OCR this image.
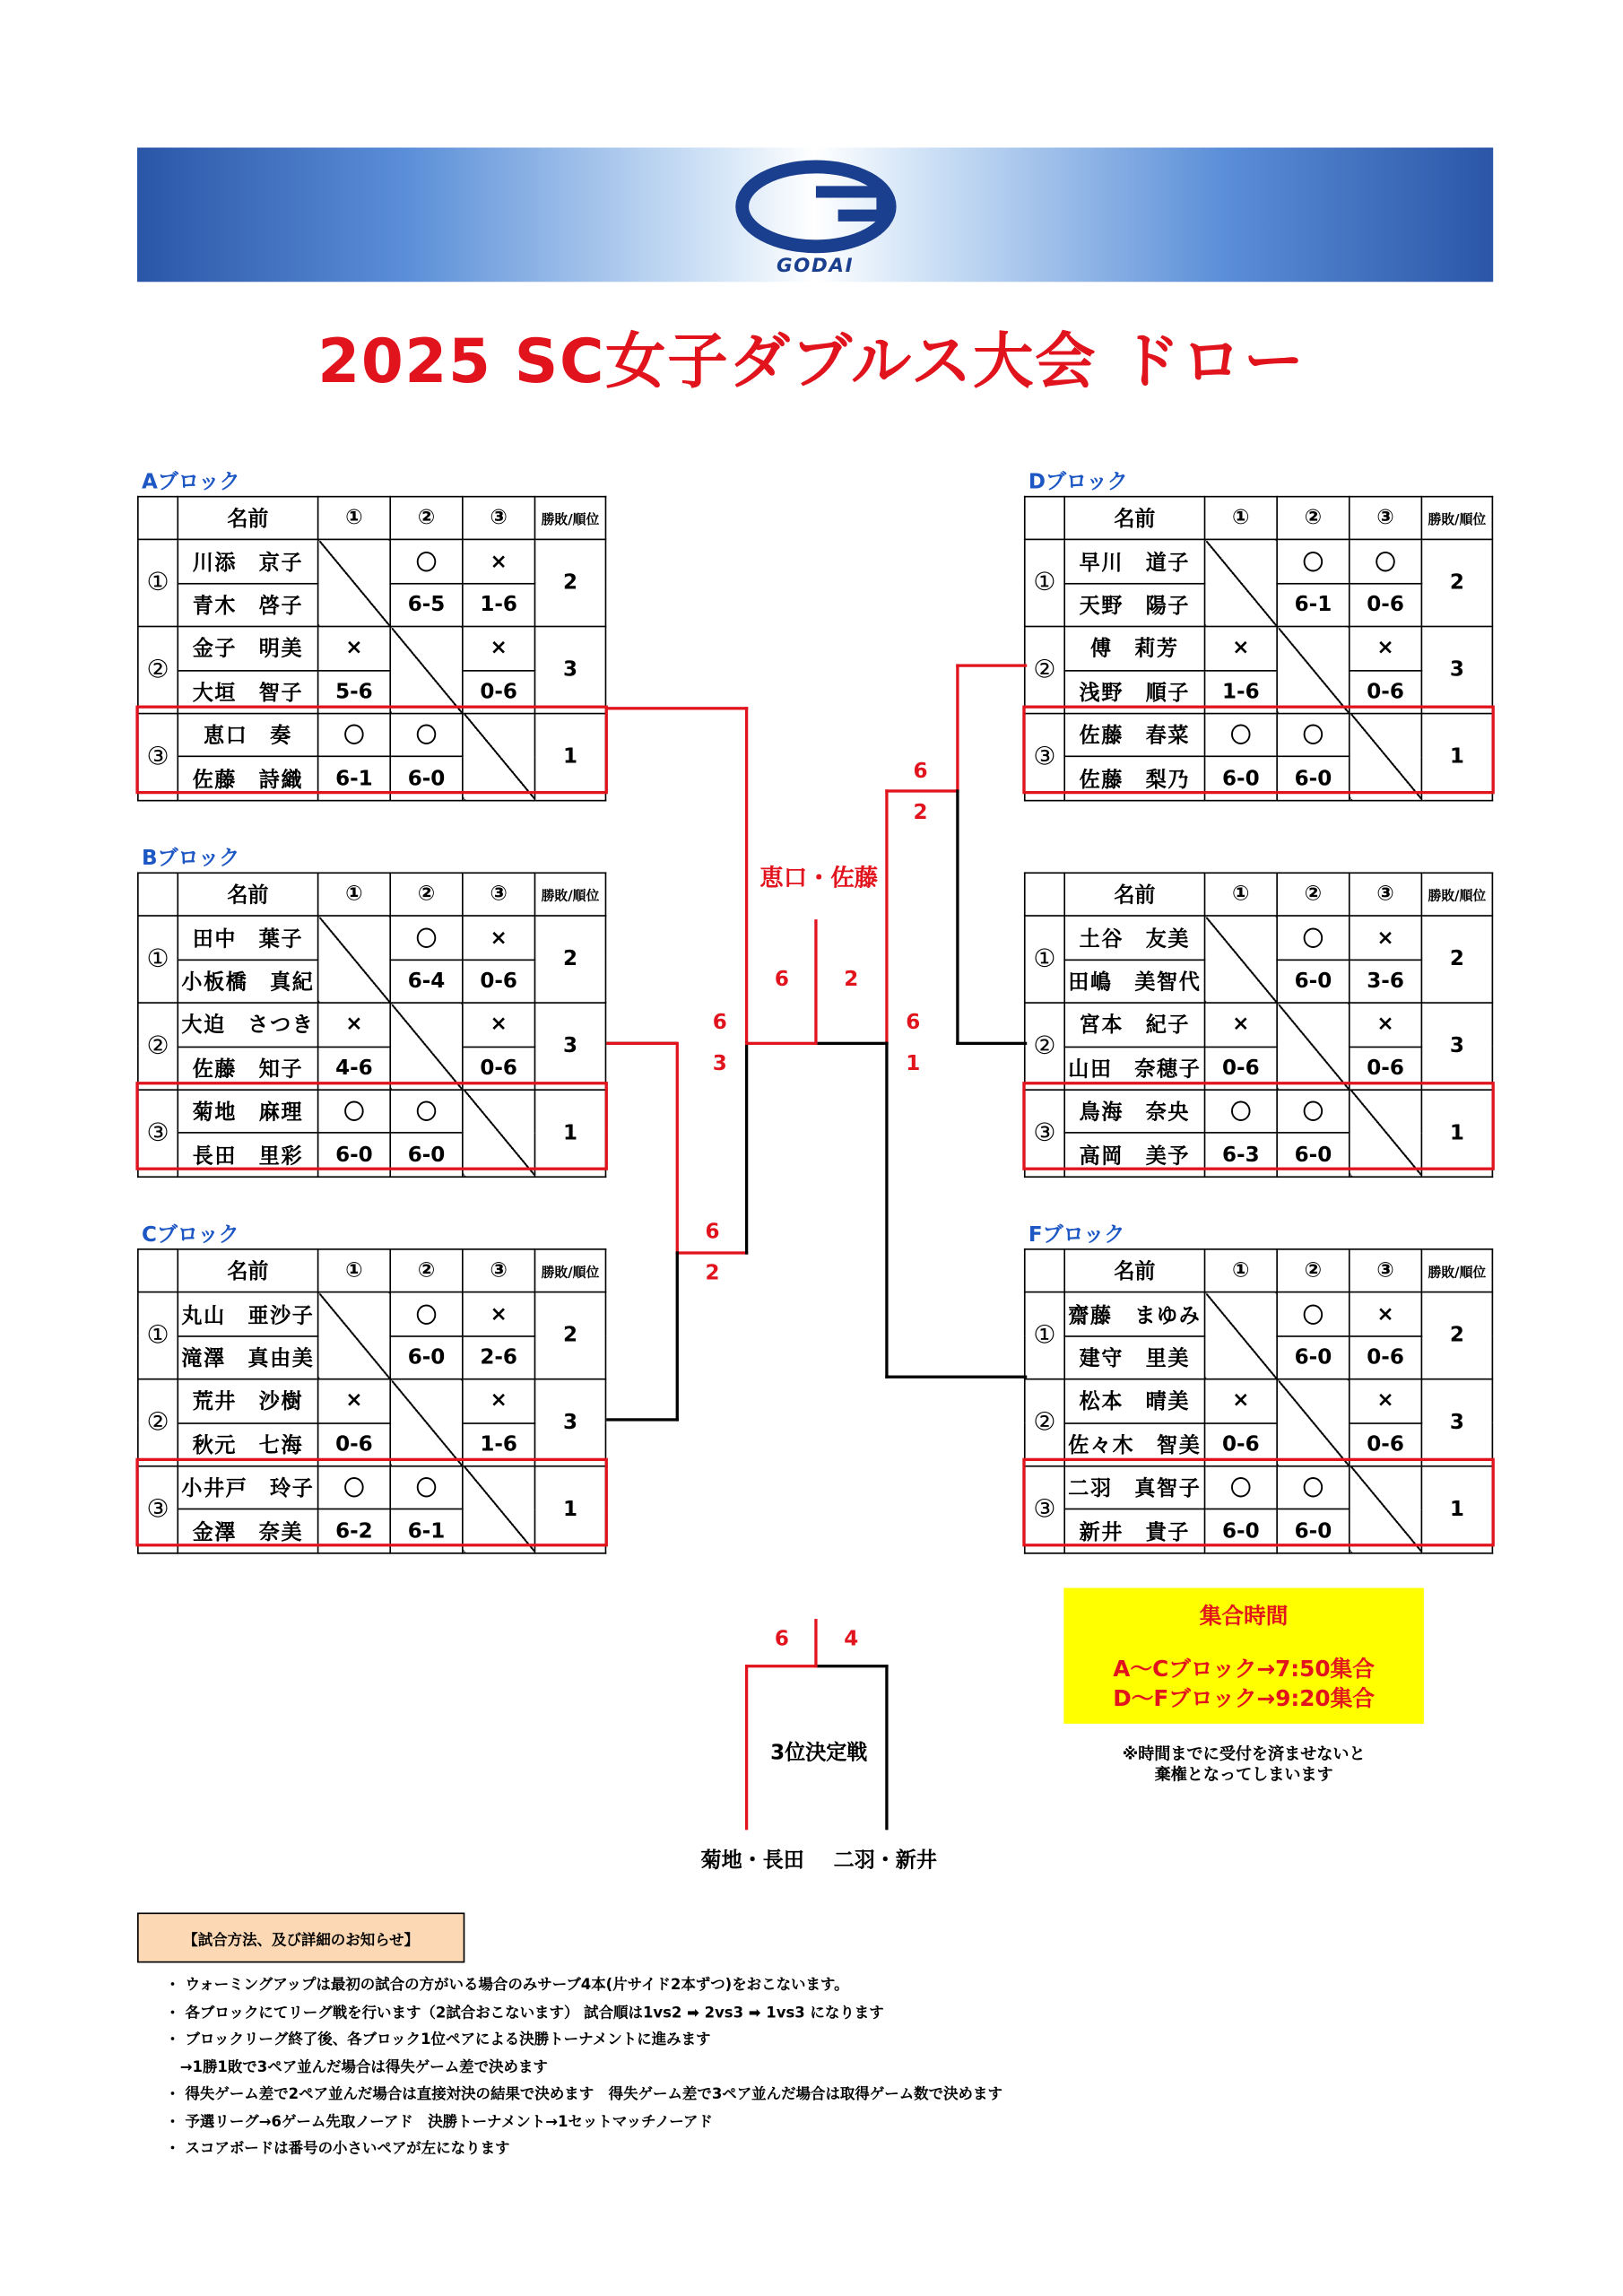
GODAI
2025 SC女子ダブルス大会 ドロー
Aブロック
	名前	①	②	③	勝敗/順位
①	川添　京子		〇	×	2
	青木　啓子		6-5	1-6	
②	金子　明美	×		×	3
	大垣　智子	5-6		0-6	
③	恵口　奏	〇	〇		1
	佐藤　詩織	6-1	6-0		
Bブロック
	名前	①	②	③	勝敗/順位
①	田中　葉子		〇	×	2
	小板橋　真紀		6-4	0-6	
②	大迫　さつき	×		×	3
	佐藤　知子	4-6		0-6	
③	菊地　麻理	〇	〇		1
	長田　里彩	6-0	6-0		
Cブロック
	名前	①	②	③	勝敗/順位
①	丸山　亜沙子		〇	×	2
	滝澤　真由美		6-0	2-6	
②	荒井　沙樹	×		×	3
	秋元　七海	0-6		1-6	
③	小井戸　玲子	〇	〇		1
	金澤　奈美	6-2	6-1		
Dブロック
	名前	①	②	③	勝敗/順位
①	早川　道子		〇	〇	2
	天野　陽子		6-1	0-6	
②	傅　莉芳	×		×	3
	浅野　順子	1-6		0-6	
③	佐藤　春菜	〇	〇		1
	佐藤　梨乃	6-0	6-0		
	名前	①	②	③	勝敗/順位
①	土谷　友美		〇	×	2
	田嶋　美智代		6-0	3-6	
②	宮本　紀子	×		×	3
	山田　奈穂子	0-6		0-6	
③	鳥海　奈央	〇	〇		1
	高岡　美予	6-3	6-0		
Fブロック
	名前	①	②	③	勝敗/順位
①	齋藤　まゆみ		〇	×	2
	建守　里美		6-0	0-6	
②	松本　晴美	×		×	3
	佐々木　智美	0-6		0-6	
③	二羽　真智子	〇	〇		1
	新井　貴子	6-0	6-0		
恵口・佐藤
6	2
6
3
6
1
6
2
6
2
6	4
3位決定戦
菊地・長田	二羽・新井
集合時間
A～Cブロック→7:50集合
D～Fブロック→9:20集合
※時間までに受付を済ませないと
棄権となってしまいます
【試合方法、及び詳細のお知らせ】
・ ウォーミングアップは最初の試合の方がいる場合のみサーブ4本(片サイド2本ずつ)をおこないます。
・ 各ブロックにてリーグ戦を行います（2試合おこないます） 試合順は1vs2 ➡ 2vs3 ➡ 1vs3 になります
・ ブロックリーグ終了後、各ブロック1位ペアによる決勝トーナメントに進みます
　→1勝1敗で3ペア並んだ場合は得失ゲーム差で決めます
・ 得失ゲーム差で2ペア並んだ場合は直接対決の結果で決めます　得失ゲーム差で3ペア並んだ場合は取得ゲーム数で決めます
・ 予選リーグ→6ゲーム先取ノーアド　決勝トーナメント→1セットマッチノーアド
・ スコアボードは番号の小さいペアが左になります
